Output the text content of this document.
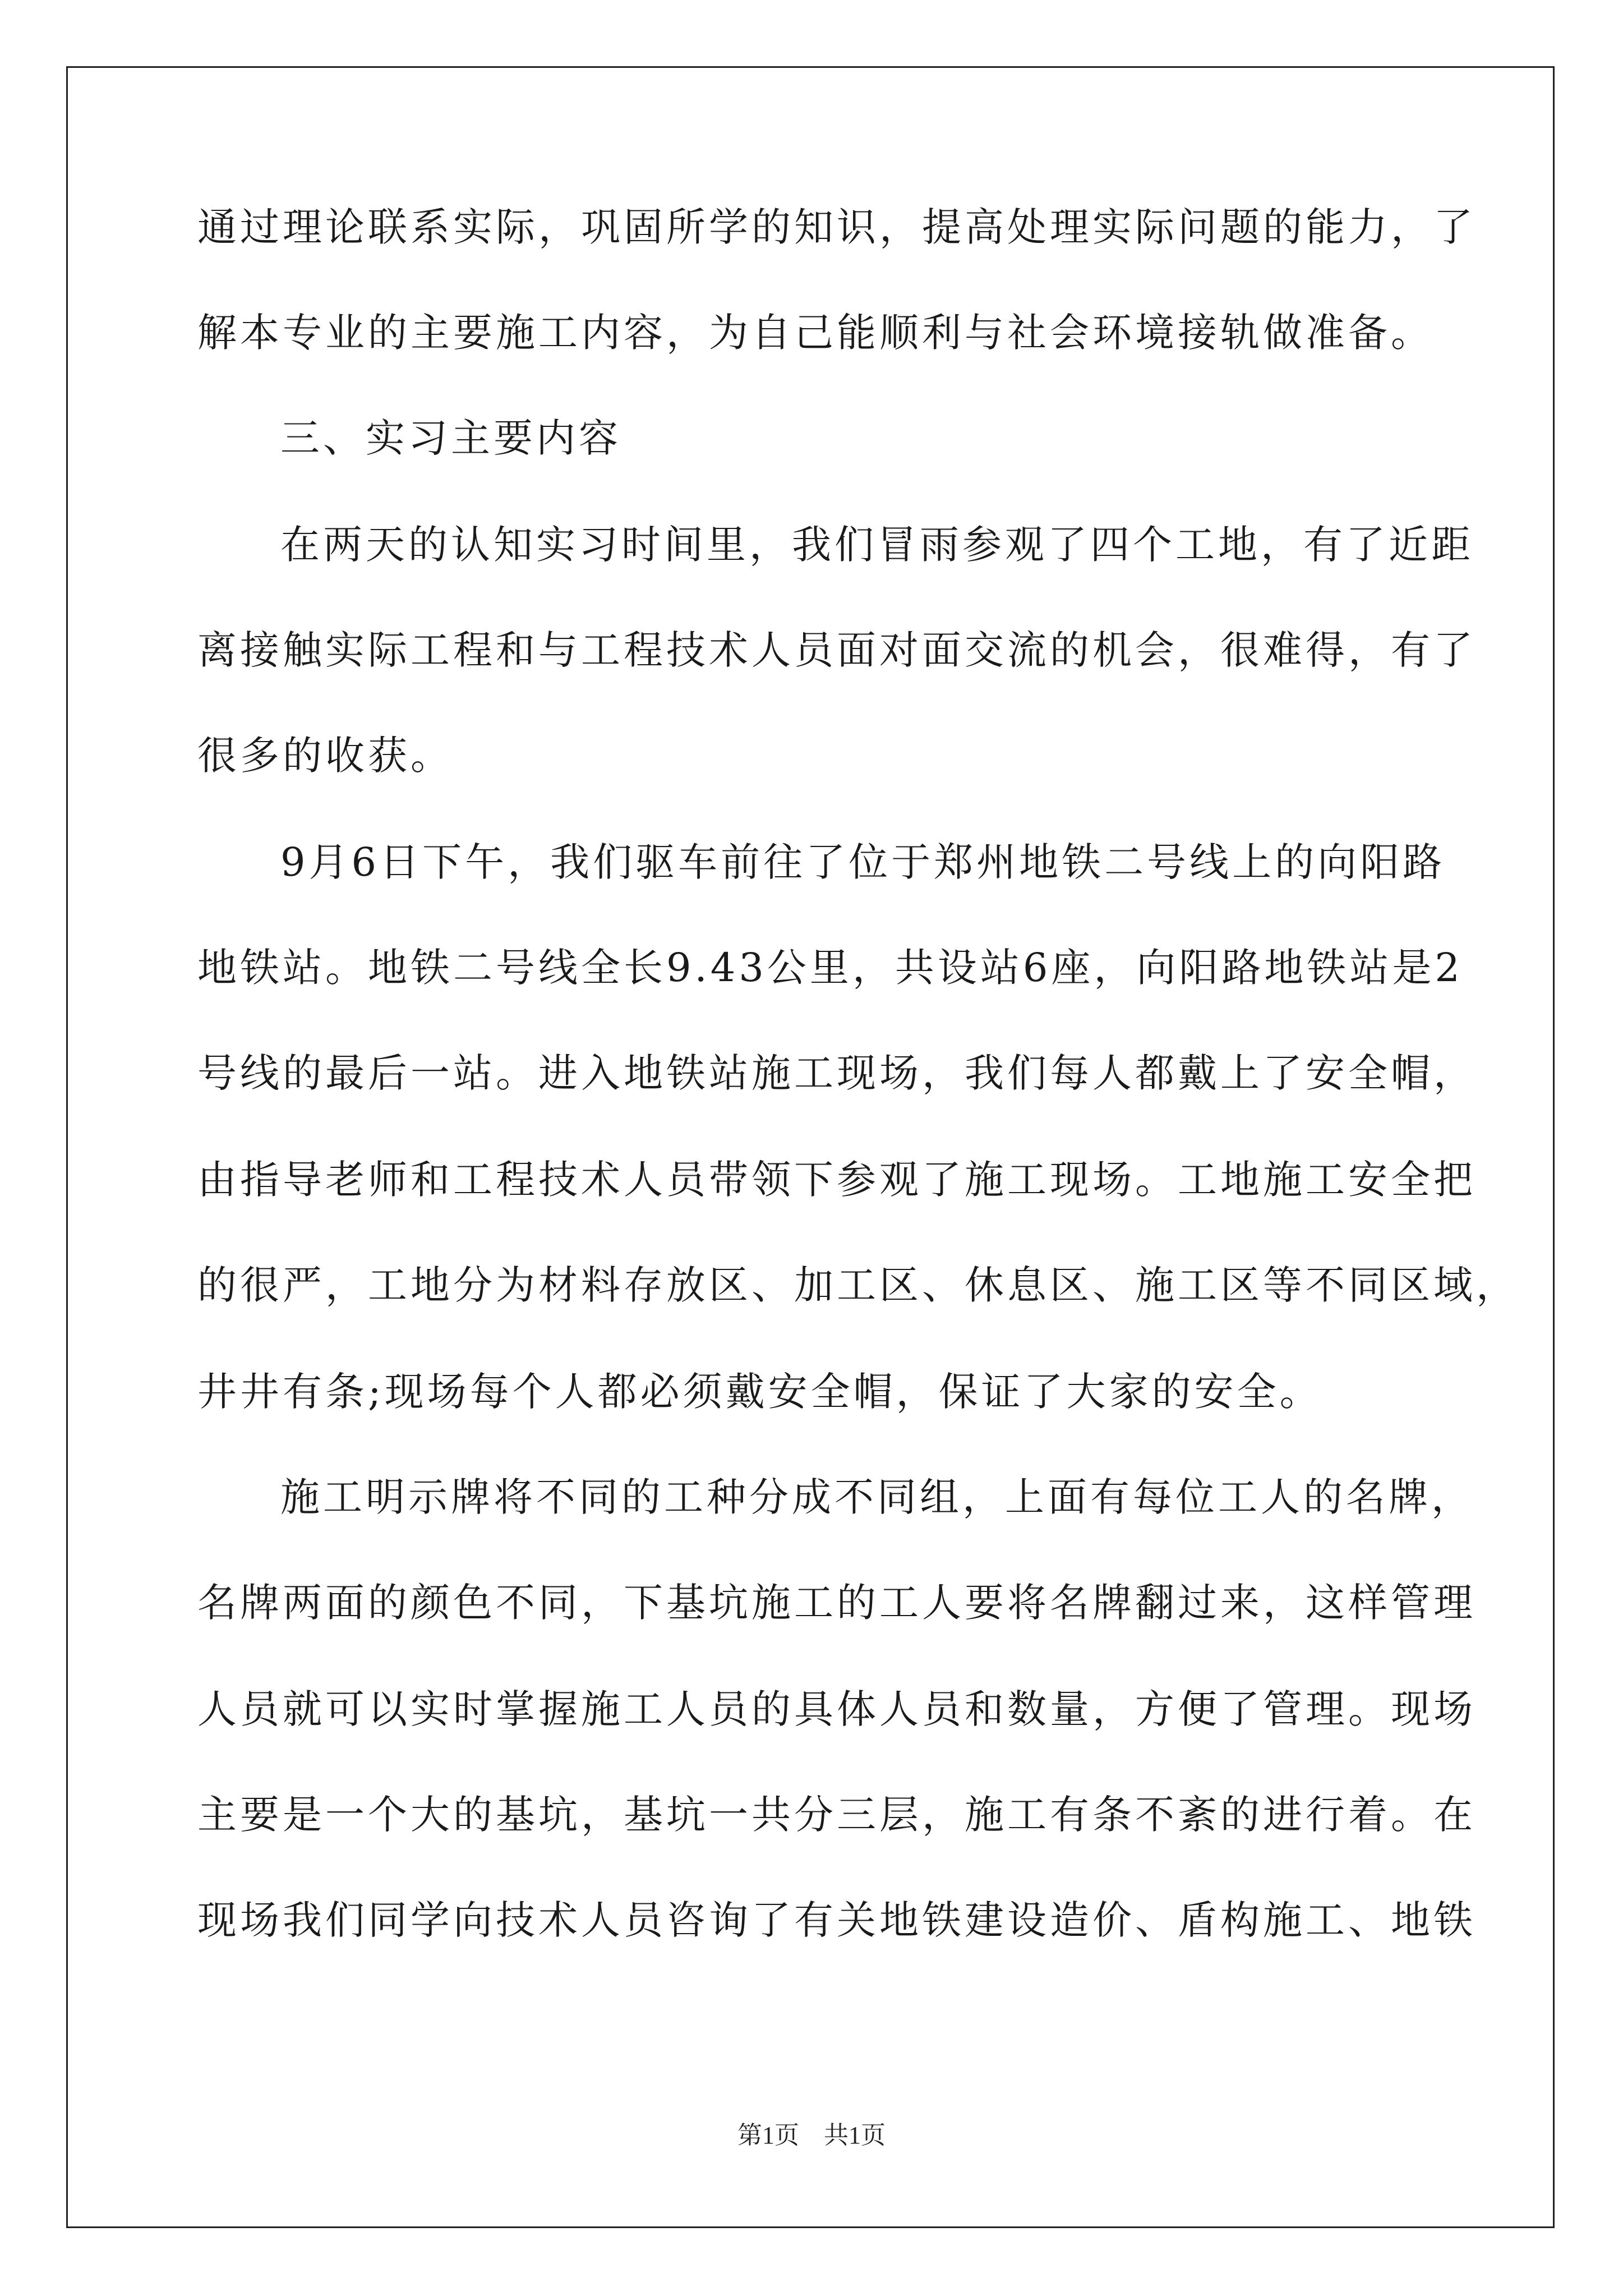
通过理论联系实际，巩固所学的知识，提高处理实际问题的能力，了
解本专业的主要施工内容，为自己能顺利与社会环境接轨做准备。
三、实习主要内容
在两天的认知实习时间里，我们冒雨参观了四个工地，有了近距
离接触实际工程和与工程技术人员面对面交流的机会，很难得，有了
很多的收获。
9月6日下午，我们驱车前往了位于郑州地铁二号线上的向阳路
地铁站。地铁二号线全长9.43公里，共设站6座，向阳路地铁站是2
号线的最后一站。进入地铁站施工现场，我们每人都戴上了安全帽，
由指导老师和工程技术人员带领下参观了施工现场。工地施工安全把
的很严，工地分为材料存放区、加工区、休息区、施工区等不同区域，
井井有条;现场每个人都必须戴安全帽，保证了大家的安全。
施工明示牌将不同的工种分成不同组，上面有每位工人的名牌，
名牌两面的颜色不同，下基坑施工的工人要将名牌翻过来，这样管理
人员就可以实时掌握施工人员的具体人员和数量，方便了管理。现场
主要是一个大的基坑，基坑一共分三层，施工有条不紊的进行着。在
现场我们同学向技术人员咨询了有关地铁建设造价、盾构施工、地铁
第1页　共1页
